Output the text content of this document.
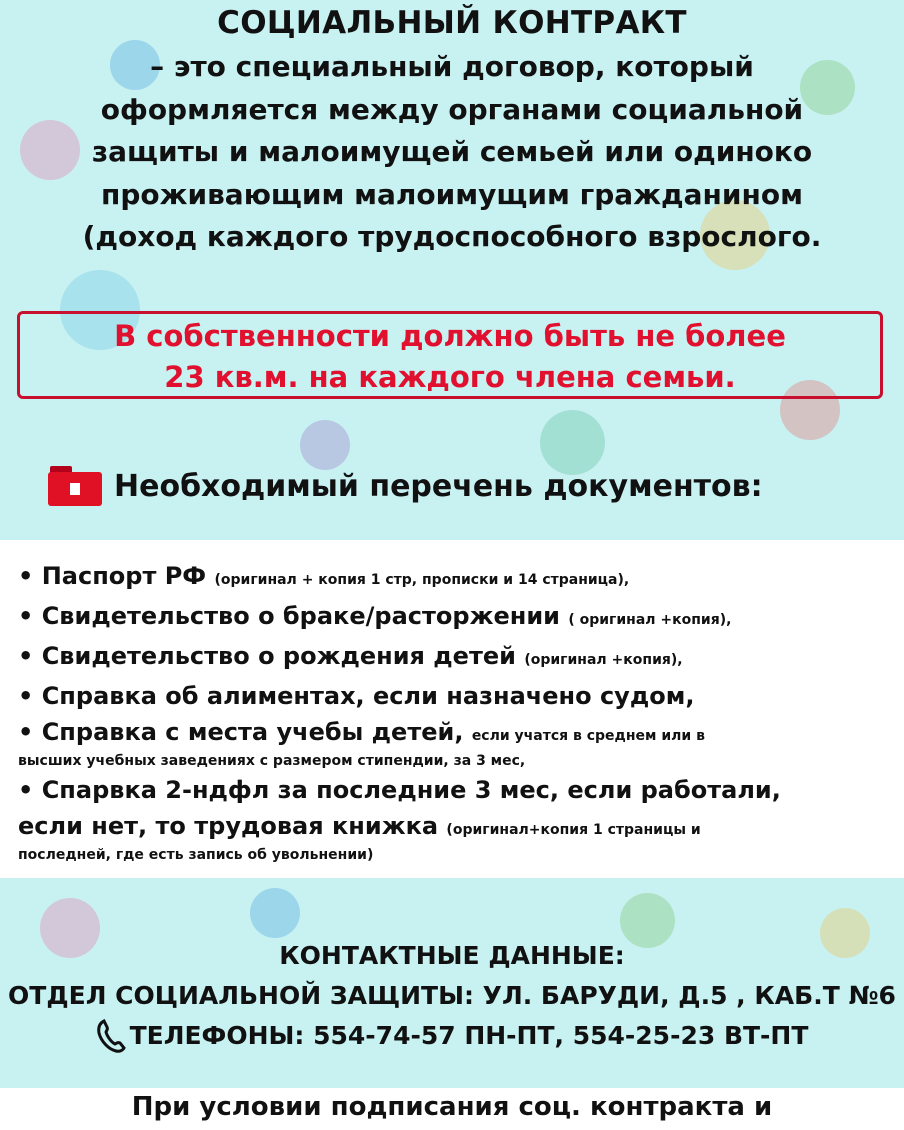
СОЦИАЛЬНЫЙ КОНТРАКТ
– это специальный договор, который
оформляется между органами социальной
защиты и малоимущей семьей или одиноко
проживающим малоимущим гражданином
(доход каждого трудоспособного взрослого.
В собственности должно быть не более
23 кв.м. на каждого члена семьи.
Необходимый перечень документов:
• Паспорт РФ (оригинал + копия 1 стр, прописки и 14 страница),
• Свидетельство о браке/расторжении ( оригинал +копия),
• Свидетельство о рождения детей (оригинал +копия),
• Справка об алиментах, если назначено судом,
• Справка с места учебы детей, если учатся в среднем или в
высших учебных заведениях с размером стипендии, за 3 мес,
• Спарвка 2-ндфл за последние 3 мес, если работали,
если нет, то трудовая книжка (оригинал+копия 1 страницы и
последней, где есть запись об увольнении)
КОНТАКТНЫЕ ДАННЫЕ:
ОТДЕЛ СОЦИАЛЬНОЙ ЗАЩИТЫ: УЛ. БАРУДИ, Д.5 , КАБ.Т №6
ТЕЛЕФОНЫ: 554-74-57 ПН-ПТ, 554-25-23 ВТ-ПТ
При условии подписания соц. контракта и
